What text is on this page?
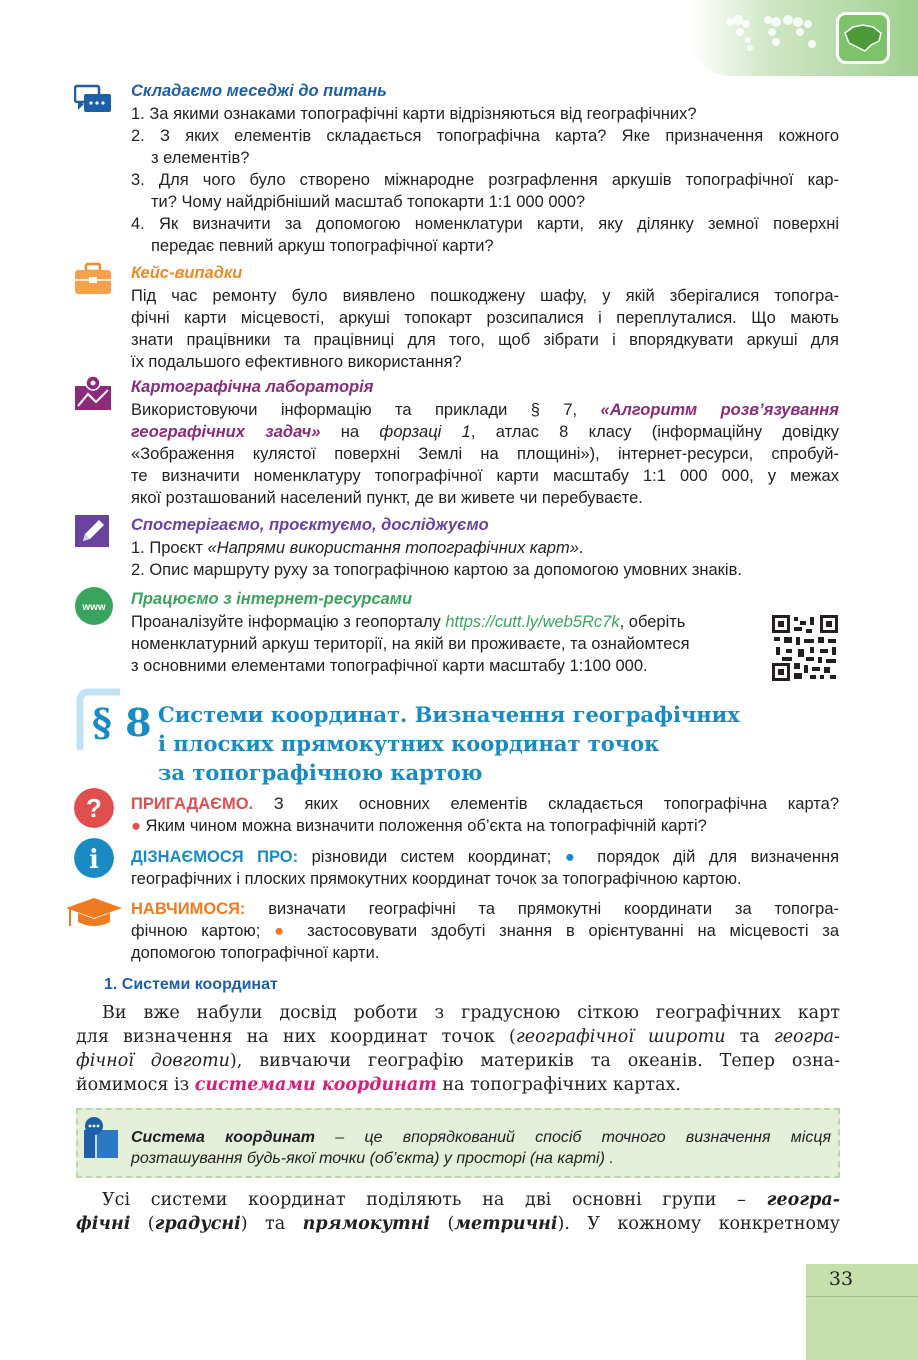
Складаємо меседжі до питань
1. За якими ознаками топографічні карти відрізняються від географічних?
2. З яких елементів складається топографічна карта? Яке призначення кожного
з елементів?
3. Для чого було створено міжнародне розграфлення аркушів топографічної кар-
ти? Чому найдрібніший масштаб топокарти 1:1 000 000?
4. Як визначити за допомогою номенклатури карти, яку ділянку земної поверхні
передає певний аркуш топографічної карти?
Кейс-випадки
Під час ремонту було виявлено пошкоджену шафу, у якій зберігалися топогра-
фічні карти місцевості, аркуші топокарт розсипалися і переплуталися. Що мають
знати працівники та працівниці для того, щоб зібрати і впорядкувати аркуші для
їх подальшого ефективного використання?
Картографічна лабораторія
Використовуючи інформацію та приклади § 7, «Алгоритм розв’язування
географічних задач» на форзаці 1, атлас 8 класу (інформаційну довідку
«Зображення кулястої поверхні Землі на площині»), інтернет-ресурси, спробуй-
те визначити номенклатуру топографічної карти масштабу 1:1 000 000, у межах
якої розташований населений пункт, де ви живете чи перебуваєте.
Спостерігаємо, проєктуємо, досліджуємо
1. Проєкт «Напрями використання топографічних карт».
2. Опис маршруту руху за топографічною картою за допомогою умовних знаків.
www Працюємо з інтернет-ресурсами
Проаналізуйте інформацію з геопорталу https://cutt.ly/web5Rc7k, оберіть
номенклатурний аркуш території, на якій ви проживаєте, та ознайомтеся
з основними елементами топографічної карти масштабу 1:100 000.
§ 8 Системи координат. Визначення географічних
і плоских прямокутних координат точок
за топографічною картою
? ПРИГАДАЄМО. З яких основних елементів складається топографічна карта?
● Яким чином можна визначити положення об’єкта на топографічній карті?
i ДІЗНАЄМОСЯ ПРО: різновиди систем координат; ● порядок дій для визначення
географічних і плоских прямокутних координат точок за топографічною картою.
НАВЧИМОСЯ: визначати географічні та прямокутні координати за топогра-
фічною картою; ● застосовувати здобуті знання в орієнтуванні на місцевості за
допомогою топографічної карти.
1. Системи координат
Ви вже набули досвід роботи з градусною сіткою географічних карт
для визначення на них координат точок (географічної широти та геогра-
фічної довготи), вивчаючи географію материків та океанів. Тепер озна-
йомимося із системами координат на топографічних картах.
Система координат – це впорядкований спосіб точного визначення місця
розташування будь-якої точки (об’єкта) у просторі (на карті) .
Усі системи координат поділяють на дві основні групи – геогра-
фічні (градусні) та прямокутні (метричні). У кожному конкретному
33
